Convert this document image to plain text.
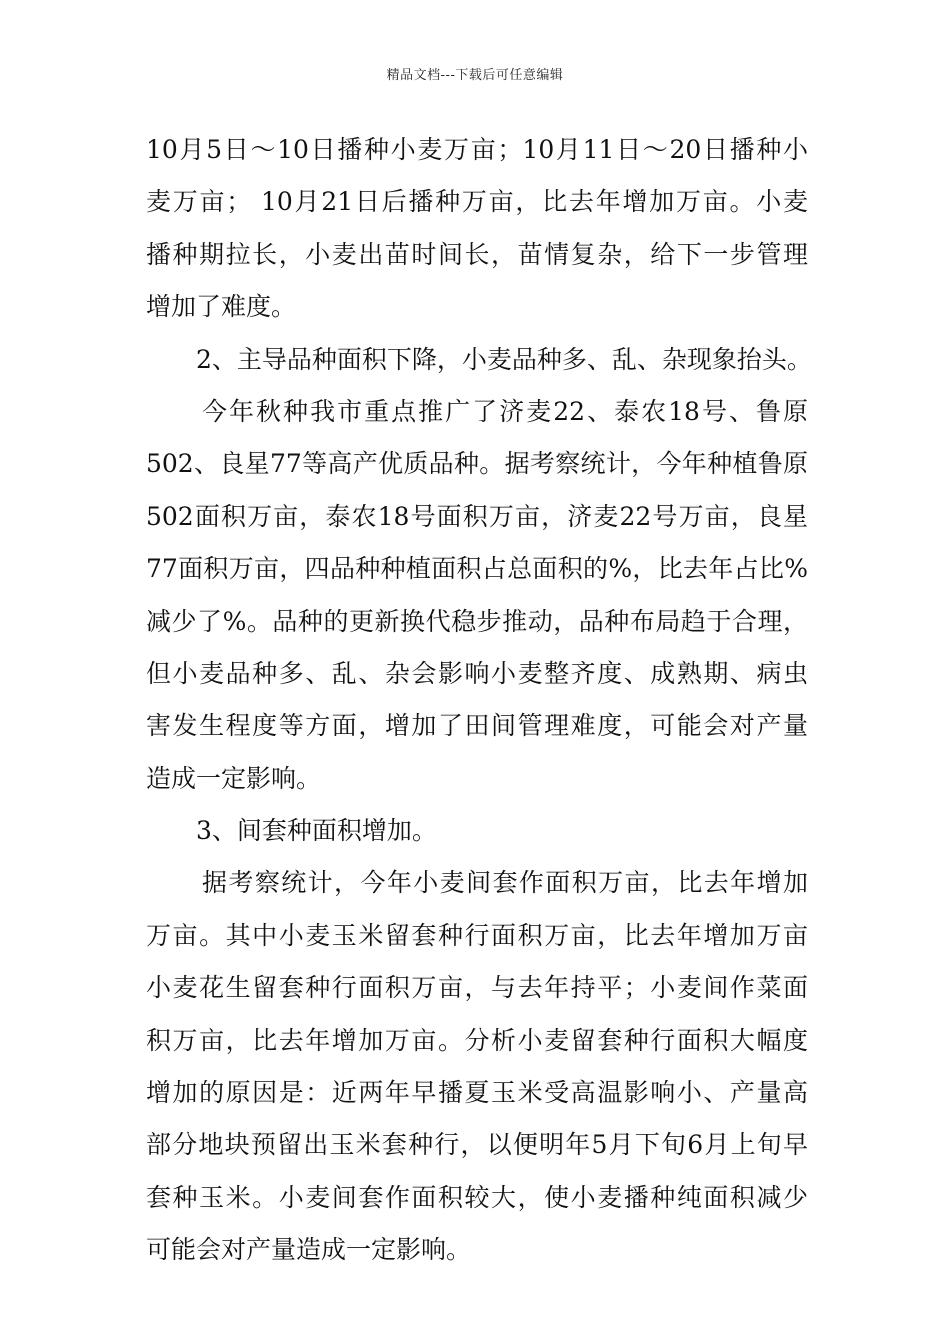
精品文档---下载后可任意编辑
10月5日～10日播种小麦万亩；10月11日～20日播种小
麦万亩； 10月21日后播种万亩，比去年增加万亩。小麦
播种期拉长，小麦出苗时间长，苗情复杂，给下一步管理
增加了难度。
2、主导品种面积下降，小麦品种多、乱、杂现象抬头。
今年秋种我市重点推广了济麦22、泰农18号、鲁原
502、良星77等高产优质品种。据考察统计，今年种植鲁原
502面积万亩，泰农18号面积万亩，济麦22号万亩，良星
77面积万亩，四品种种植面积占总面积的%，比去年占比%
减少了%。品种的更新换代稳步推动，品种布局趋于合理，
但小麦品种多、乱、杂会影响小麦整齐度、成熟期、病虫
害发生程度等方面，增加了田间管理难度，可能会对产量
造成一定影响。
3、间套种面积增加。
据考察统计，今年小麦间套作面积万亩，比去年增加
万亩。其中小麦玉米留套种行面积万亩，比去年增加万亩
小麦花生留套种行面积万亩，与去年持平；小麦间作菜面
积万亩，比去年增加万亩。分析小麦留套种行面积大幅度
增加的原因是：近两年早播夏玉米受高温影响小、产量高
部分地块预留出玉米套种行，以便明年5月下旬6月上旬早
套种玉米。小麦间套作面积较大，使小麦播种纯面积减少
可能会对产量造成一定影响。
